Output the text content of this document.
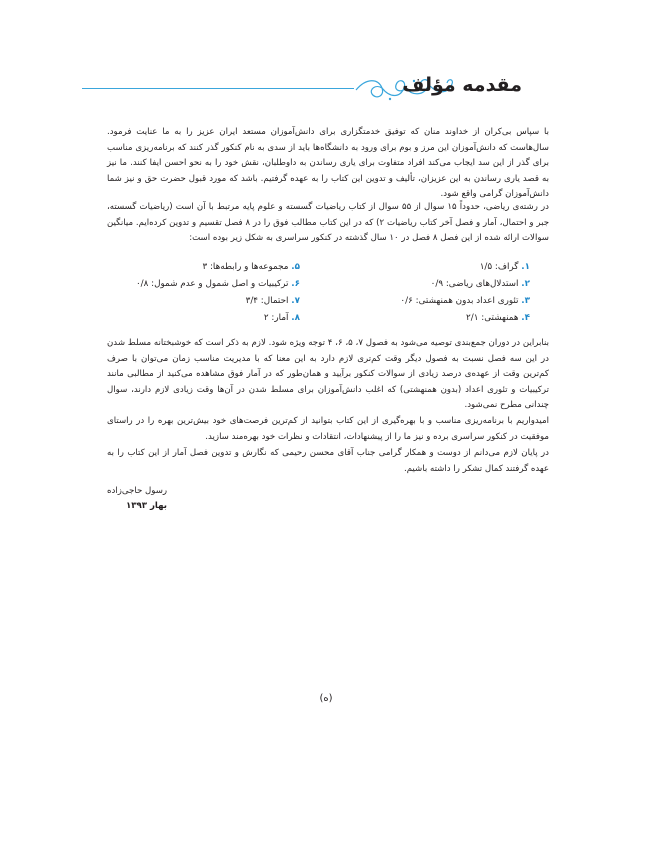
مقدمه مؤلف

با سپاس بی‌کران از خداوند منان که توفیق خدمتگزاری برای دانش‌آموزان مستعد ایران عزیز را به ما عنایت فرمود. سال‌هاست که دانش‌آموزان این مرز و بوم برای ورود به دانشگاه‌ها باید از سدی به نام کنکور گذر کنند که برنامه‌ریزی مناسب برای گذر از این سد ایجاب می‌کند افراد متفاوت برای یاری رساندن به داوطلبان، نقش خود را به نحو احسن ایفا کنند. ما نیز به قصد یاری رساندن به این عزیزان، تألیف و تدوین این کتاب را به عهده گرفتیم. باشد که مورد قبول حضرت حق و نیز شما دانش‌آموزان گرامی واقع شود.

در رشته‌ی ریاضی، حدوداً ۱۵ سوال از ۵۵ سوال از کتاب ریاضیات گسسته و علوم پایه مرتبط با آن است (ریاضیات گسسته، جبر و احتمال، آمار و فصل آخر کتاب ریاضیات ۲) که در این کتاب مطالب فوق را در ۸ فصل تقسیم و تدوین کرده‌ایم. میانگین سوالات ارائه شده از این فصل ۸ فصل در ۱۰ سال گذشته در کنکور سراسری به شکل زیر بوده است:

۱. گراف: ۱/۵
۲. استدلال‌های ریاضی: ۰/۹
۳. تئوری اعداد بدون همنهشتی: ۰/۶
۴. همنهشتی: ۲/۱
۵. مجموعه‌ها و رابطه‌ها: ۳
۶. ترکیبیات و اصل شمول و عدم شمول: ۰/۸
۷. احتمال: ۳/۴
۸. آمار: ۲

بنابراین در دوران جمع‌بندی توصیه می‌شود به فصول ۷، ۵، ۶، ۴ توجه ویژه شود. لازم به ذکر است که خوشبختانه مسلط شدن در این سه فصل نسبت به فصول دیگر وقت کم‌تری لازم دارد به این معنا که با مدیریت مناسب زمان می‌توان با صرف کم‌ترین وقت از عهده‌ی درصد زیادی از سوالات کنکور برآیید و همان‌طور که در آمار فوق مشاهده می‌کنید از مطالبی مانند ترکیبیات و تئوری اعداد (بدون همنهشتی) که اغلب دانش‌آموزان برای مسلط شدن در آن‌ها وقت زیادی لازم دارند، سوال چندانی مطرح نمی‌شود.

امیدواریم با برنامه‌ریزی مناسب و با بهره‌گیری از این کتاب بتوانید از کم‌ترین فرصت‌های خود بیش‌ترین بهره را در راستای موفقیت در کنکور سراسری برده و نیز ما را از پیشنهادات، انتقادات و نظرات خود بهره‌مند سازید.

در پایان لازم می‌دانم از دوست و همکار گرامی جناب آقای محسن رحیمی که نگارش و تدوین فصل آمار از این کتاب را به عهده گرفتند کمال تشکر را داشته باشیم.

رسول حاجی‌زاده
بهار ۱۳۹۳
(ه)
